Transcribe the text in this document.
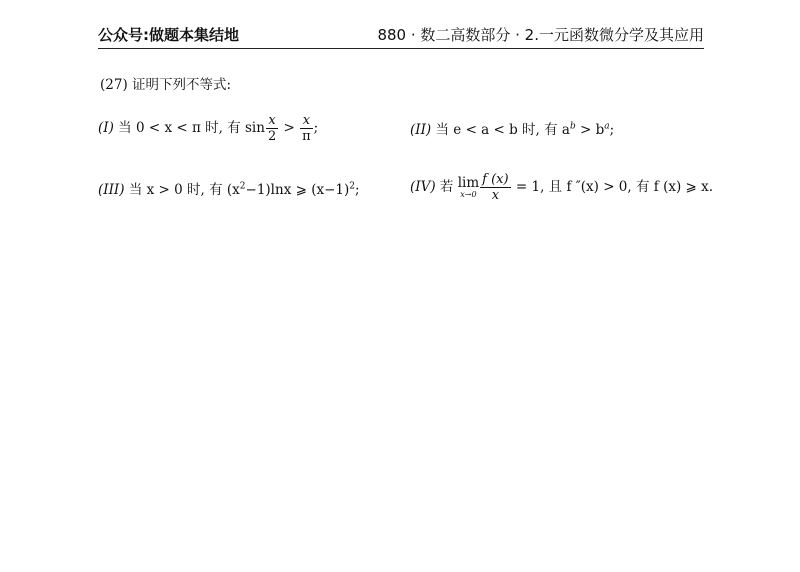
公众号:做题本集结地	880 · 数二高数部分 · 2.一元函数微分学及其应用
(27) 证明下列不等式:
(I) 当 0 < x < π 时, 有 $\sin \frac{x}{2} > \frac{x}{\pi}$ ;	(II) 当 e < a < b 时, 有 $a^b > b^a$;
(III) 当 x > 0 时, 有 $(x^2-1)\ln x$ ⩾ $(x-1)^2$;	(IV) 若 lim
$x\to 0 \frac{f (x)}{x} = 1$, 且 f ″(x) > 0, 有 f (x) ⩾ x.
